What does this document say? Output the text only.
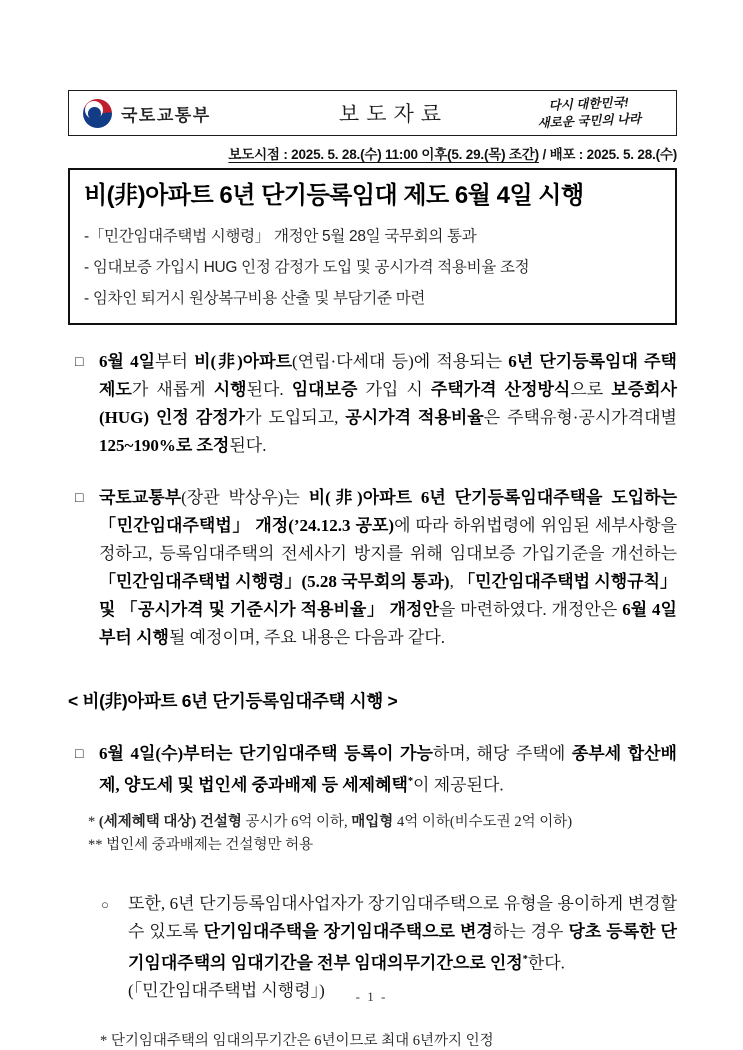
국토교통부	보도자료	다시 대한민국!
새로운 국민의 나라
보도시점 : 2025. 5. 28.(수) 11:00 이후(5. 29.(목) 조간) / 배포 : 2025. 5. 28.(수)
비(非)아파트 6년 단기등록임대 제도 6월 4일 시행
-「민간임대주택법 시행령」 개정안 5월 28일 국무회의 통과
- 임대보증 가입시 HUG 인정 감정가 도입 및 공시가격 적용비율 조정
- 임차인 퇴거시 원상복구비용 산출 및 부담기준 마련
□ 6월 4일부터 비(非)아파트(연립·다세대 등)에 적용되는 6년 단기등록임대 주택 제도가 새롭게 시행된다. 임대보증 가입 시 주택가격 산정방식으로 보증회사(HUG) 인정 감정가가 도입되고, 공시가격 적용비율은 주택유형·공시가격대별 125~190%로 조정된다.

□ 국토교통부(장관 박상우)는 비(非)아파트 6년 단기등록임대주택을 도입하는 「민간임대주택법」 개정(’24.12.3 공포)에 따라 하위법령에 위임된 세부사항을 정하고, 등록임대주택의 전세사기 방지를 위해 임대보증 가입기준을 개선하는 「민간임대주택법 시행령」(5.28 국무회의 통과), 「민간임대주택법 시행규칙」 및 「공시가격 및 기준시가 적용비율」 개정안을 마련하였다. 개정안은 6월 4일부터 시행될 예정이며, 주요 내용은 다음과 같다.

< 비(非)아파트 6년 단기등록임대주택 시행 >
□ 6월 4일(수)부터는 단기임대주택 등록이 가능하며, 해당 주택에 종부세 합산배제, 양도세 및 법인세 중과배제 등 세제혜택*이 제공된다.

* (세제혜택 대상) 건설형 공시가 6억 이하, 매입형 4억 이하(비수도권 2억 이하)
** 법인세 중과배제는 건설형만 허용
○ 또한, 6년 단기등록임대사업자가 장기임대주택으로 유형을 용이하게 변경할 수 있도록 단기임대주택을 장기임대주택으로 변경하는 경우 당초 등록한 단기임대주택의 임대기간을 전부 임대의무기간으로 인정*한다.
(「민간임대주택법 시행령」)

* 단기임대주택의 임대의무기간은 6년이므로 최대 6년까지 인정
- 1 -
